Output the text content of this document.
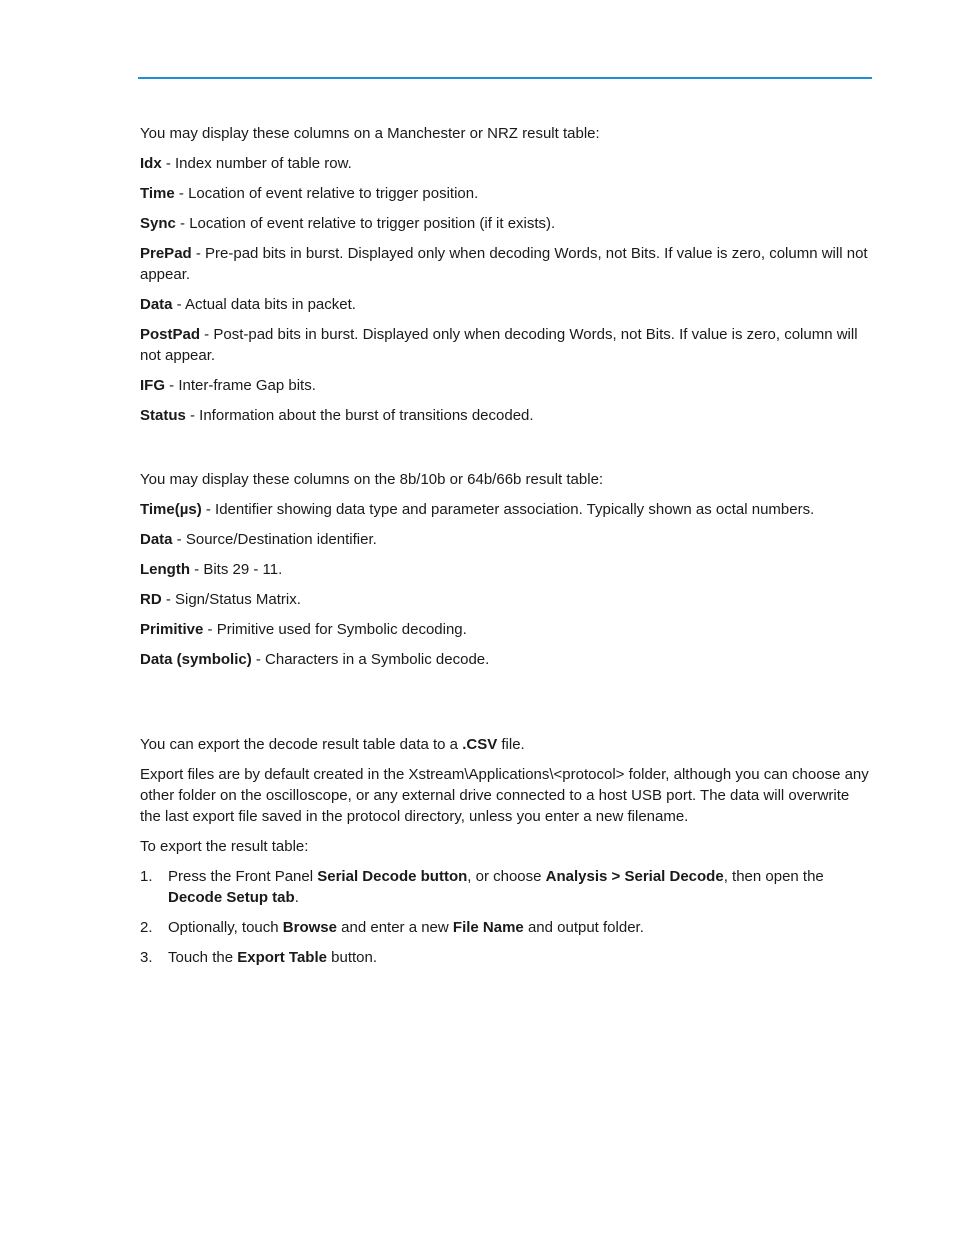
You may display these columns on a Manchester or NRZ result table:

Idx - Index number of table row.

Time - Location of event relative to trigger position.

Sync - Location of event relative to trigger position (if it exists).

PrePad - Pre-pad bits in burst. Displayed only when decoding Words, not Bits. If value is zero, column will not appear.

Data - Actual data bits in packet.

PostPad - Post-pad bits in burst. Displayed only when decoding Words, not Bits. If value is zero, column will not appear.

IFG - Inter-frame Gap bits.

Status - Information about the burst of transitions decoded.

You may display these columns on the 8b/10b or 64b/66b result table:

Time(µs) - Identifier showing data type and parameter association. Typically shown as octal numbers.

Data - Source/Destination identifier.

Length - Bits 29 - 11.

RD - Sign/Status Matrix.

Primitive - Primitive used for Symbolic decoding.

Data (symbolic) - Characters in a Symbolic decode.

You can export the decode result table data to a .CSV file.

Export files are by default created in the Xstream\Applications\<protocol> folder, although you can choose any other folder on the oscilloscope, or any external drive connected to a host USB port. The data will overwrite the last export file saved in the protocol directory, unless you enter a new filename.

To export the result table:

1. Press the Front Panel Serial Decode button, or choose Analysis > Serial Decode, then open the Decode Setup tab.
2. Optionally, touch Browse and enter a new File Name and output folder.
3. Touch the Export Table button.
